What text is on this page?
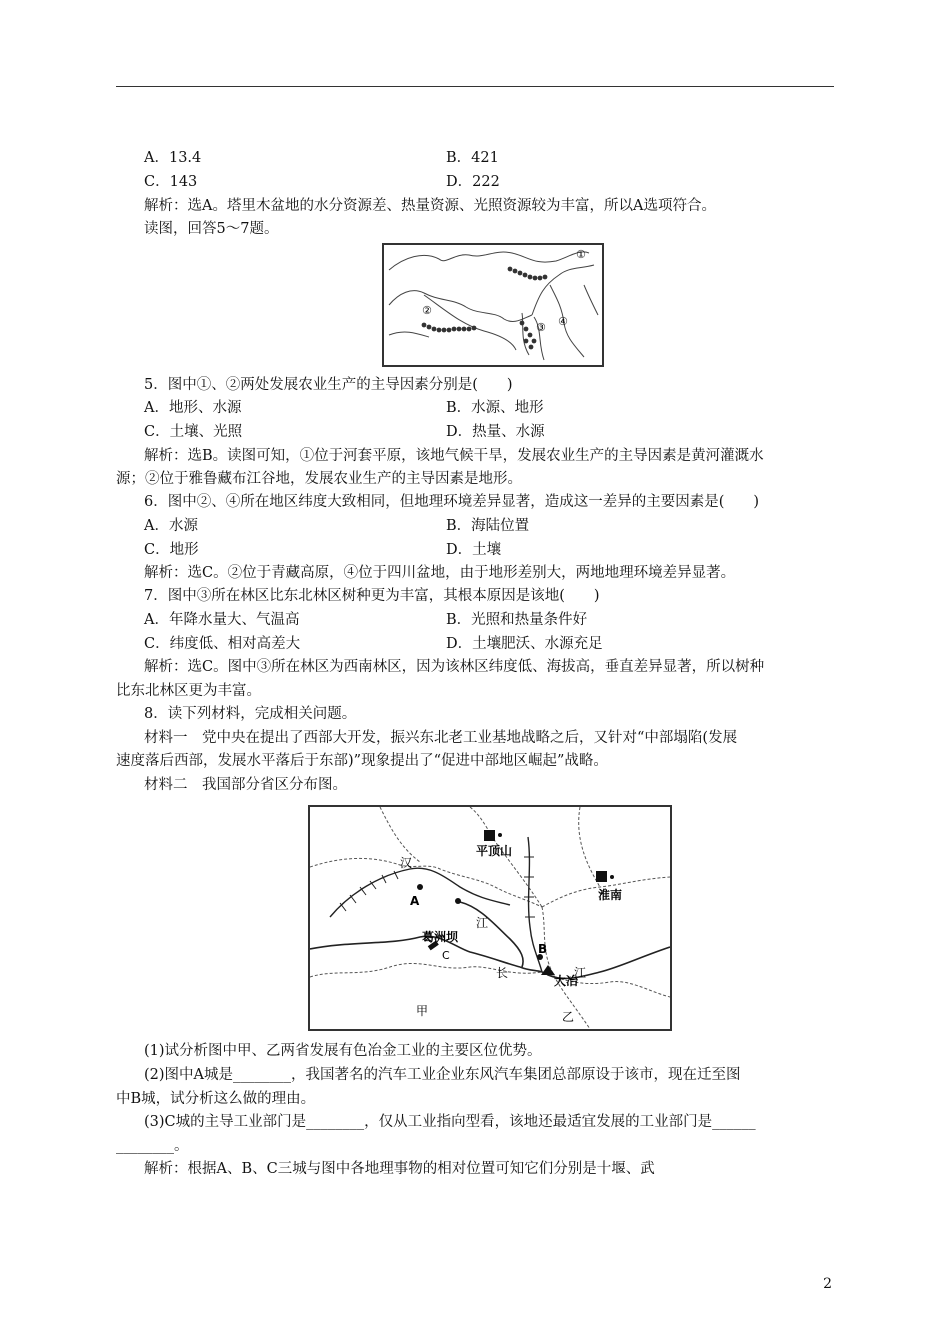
A．13.4	B．421
C．143	D．222
解析：选A。塔里木盆地的水分资源差、热量资源、光照资源较为丰富，所以A选项符合。
读图，回答5～7题。
①
②
③ ④
5．图中①、②两处发展农业生产的主导因素分别是(　　)
A．地形、水源	B．水源、地形
C．土壤、光照	D．热量、水源
解析：选B。读图可知，①位于河套平原，该地气候干旱，发展农业生产的主导因素是黄河灌溉水
源；②位于雅鲁藏布江谷地，发展农业生产的主导因素是地形。
6．图中②、④所在地区纬度大致相同，但地理环境差异显著，造成这一差异的主要因素是(　　)
A．水源	B．海陆位置
C．地形	D．土壤
解析：选C。②位于青藏高原，④位于四川盆地，由于地形差别大，两地地理环境差异显著。
7．图中③所在林区比东北林区树种更为丰富，其根本原因是该地(　　)
A．年降水量大、气温高	B．光照和热量条件好
C．纬度低、相对高差大	D．土壤肥沃、水源充足
解析：选C。图中③所在林区为西南林区，因为该林区纬度低、海拔高，垂直差异显著，所以树种
比东北林区更为丰富。
8．读下列材料，完成相关问题。
材料一　党中央在提出了西部大开发，振兴东北老工业基地战略之后，又针对“中部塌陷(发展
速度落后西部，发展水平落后于东部)”现象提出了“促进中部地区崛起”战略。
材料二　我国部分省区分布图。
平顶山
淮南
汉
A
江
葛洲坝
C	B
长
大冶
江
甲	乙
(1)试分析图中甲、乙两省发展有色冶金工业的主要区位优势。
(2)图中A城是________，我国著名的汽车工业企业东风汽车集团总部原设于该市，现在迁至图
中B城，试分析这么做的理由。
(3)C城的主导工业部门是________，仅从工业指向型看，该地还最适宜发展的工业部门是______
________。
解析：根据A、B、C三城与图中各地理事物的相对位置可知它们分别是十堰、武
2
